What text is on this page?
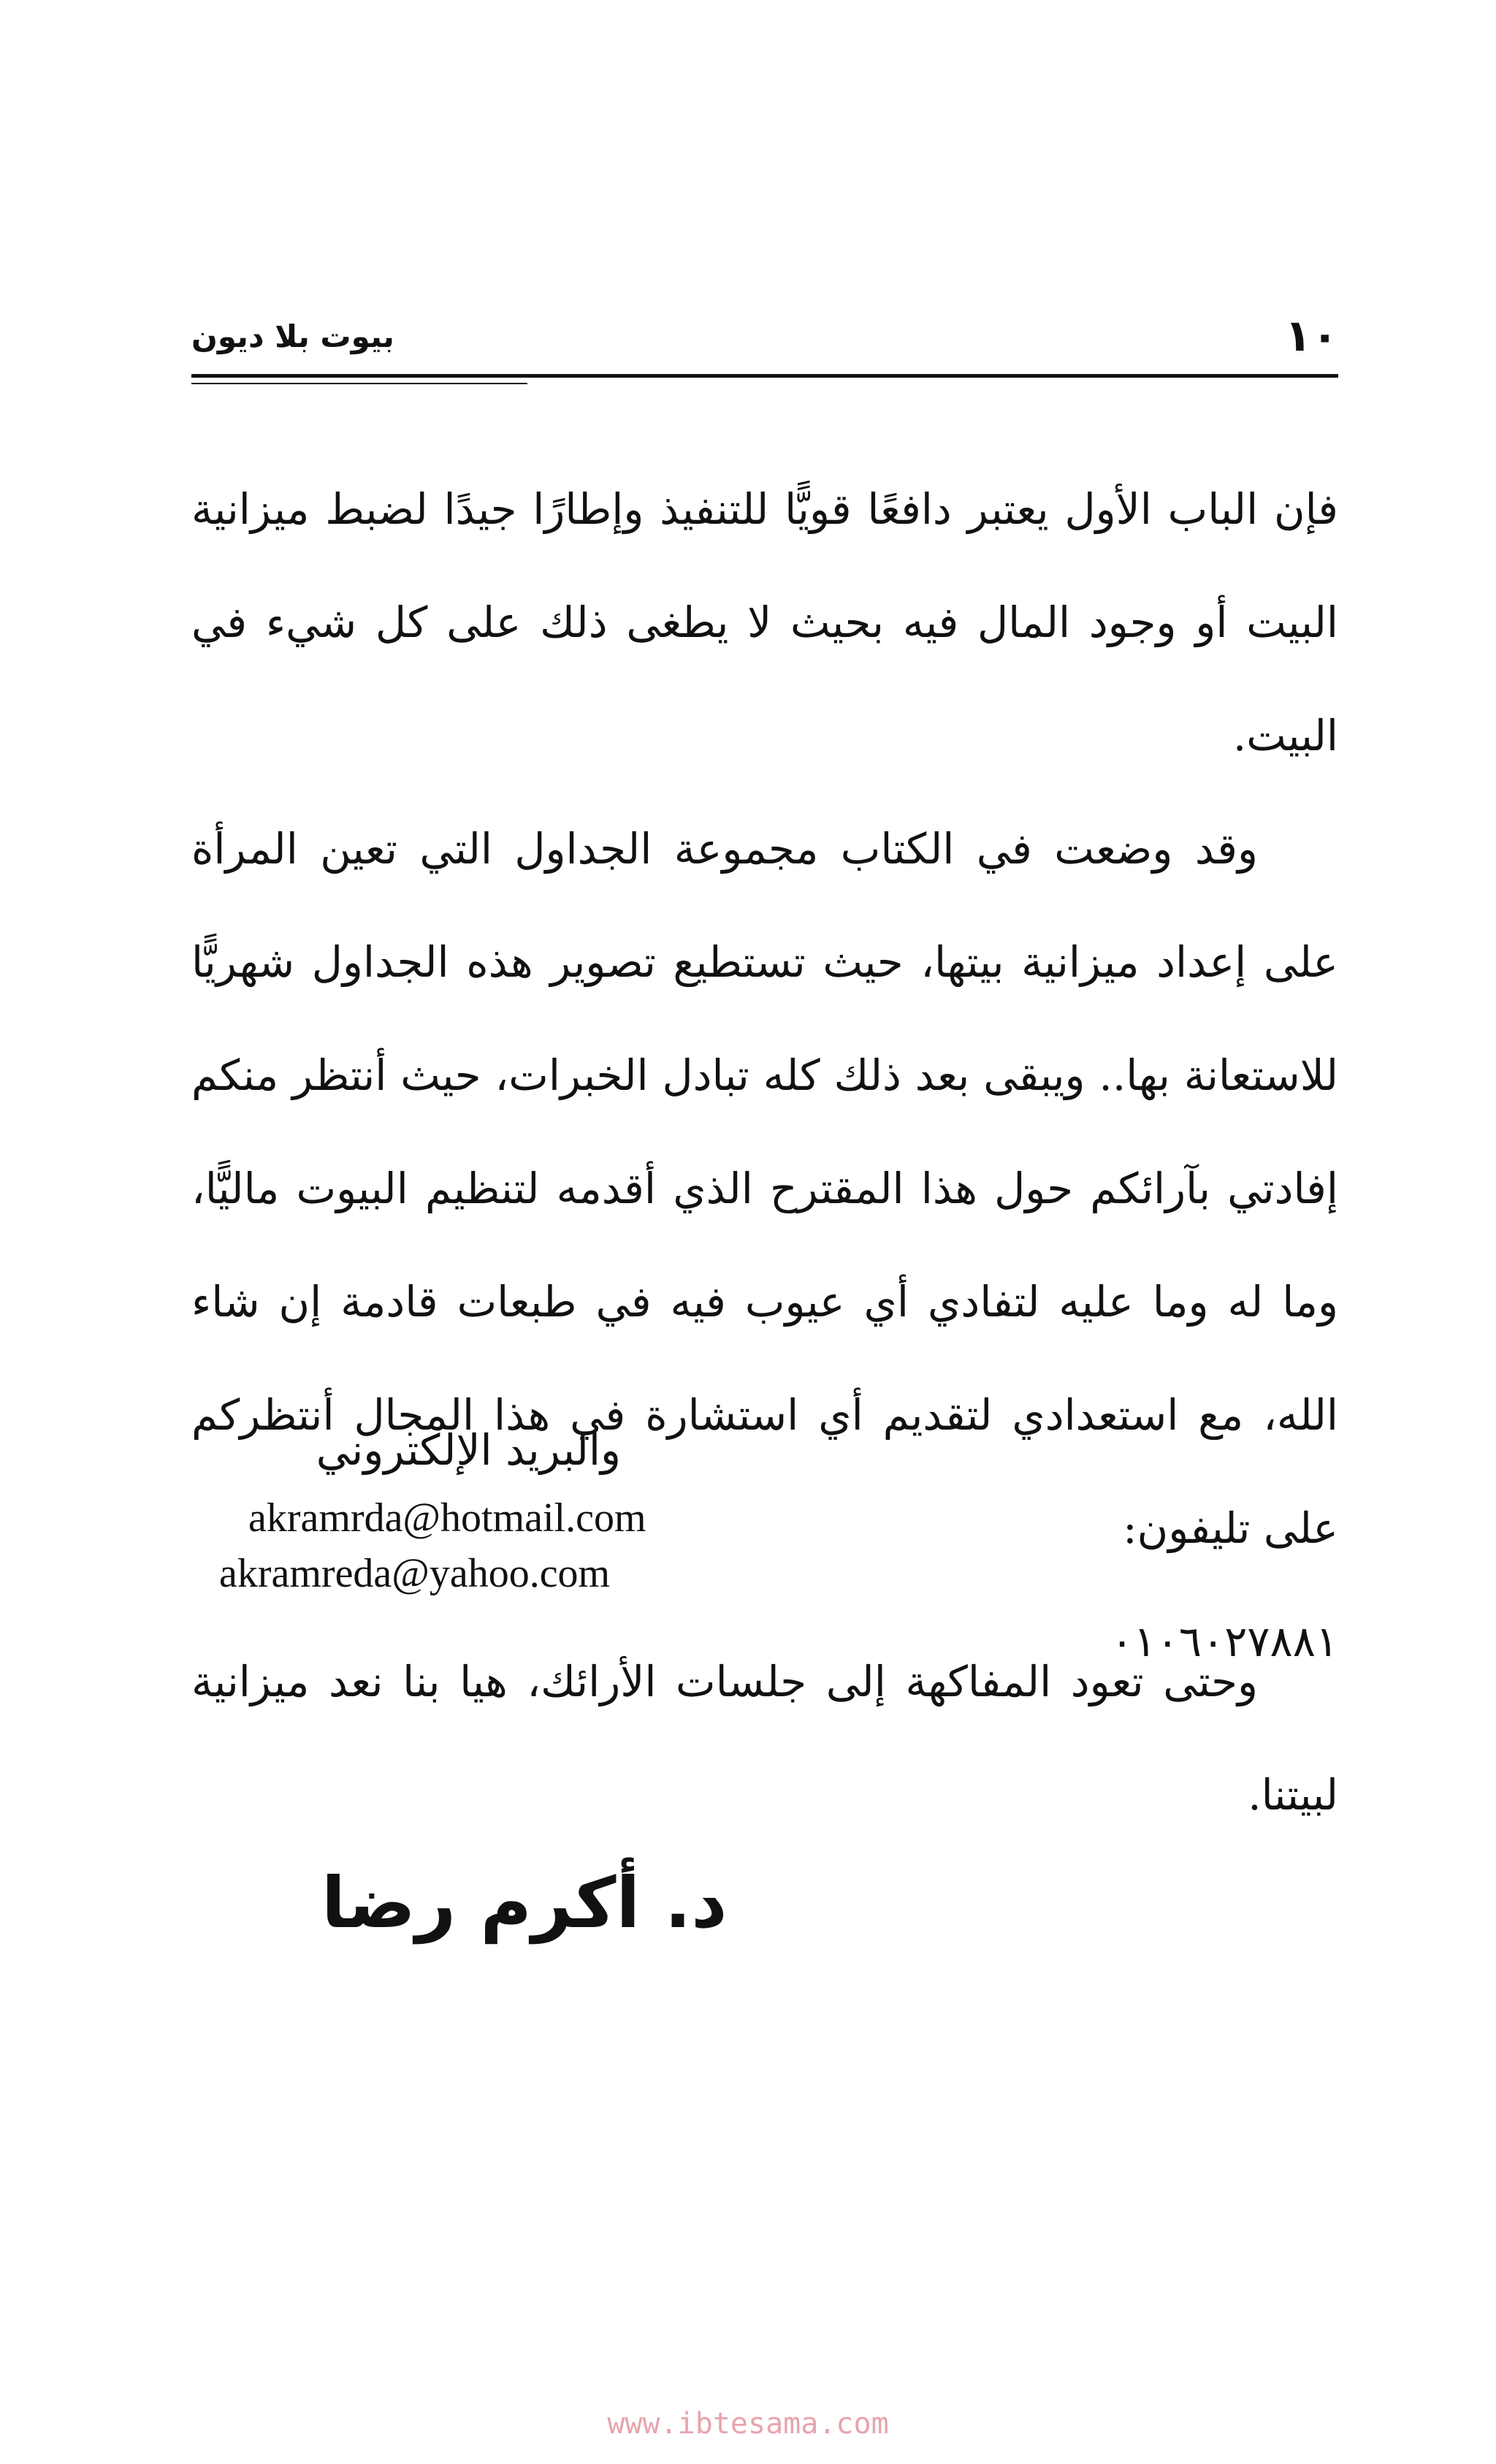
١٠
بيوت بلا ديون

فإن الباب الأول يعتبر دافعًا قويًّا للتنفيذ وإطارًا جيدًا لضبط ميزانية البيت أو وجود المال فيه بحيث لا يطغى ذلك على كل شيء في البيت.

وقد وضعت في الكتاب مجموعة الجداول التي تعين المرأة على إعداد ميزانية بيتها، حيث تستطيع تصوير هذه الجداول شهريًّا للاستعانة بها.. ويبقى بعد ذلك كله تبادل الخبرات، حيث أنتظر منكم إفادتي بآرائكم حول هذا المقترح الذي أقدمه لتنظيم البيوت ماليًّا، وما له وما عليه لتفادي أي عيوب فيه في طبعات قادمة إن شاء الله، مع استعدادي لتقديم أي استشارة في هذا المجال أنتظركم على تليفون:

٠١٠٦٠٢٧٨٨١

والبريد الإلكتروني
akramrda@hotmail.com
akramreda@yahoo.com

وحتى تعود المفاكهة إلى جلسات الأرائك، هيا بنا نعد ميزانية لبيتنا.

د. أكرم رضا
www.ibtesama.com
